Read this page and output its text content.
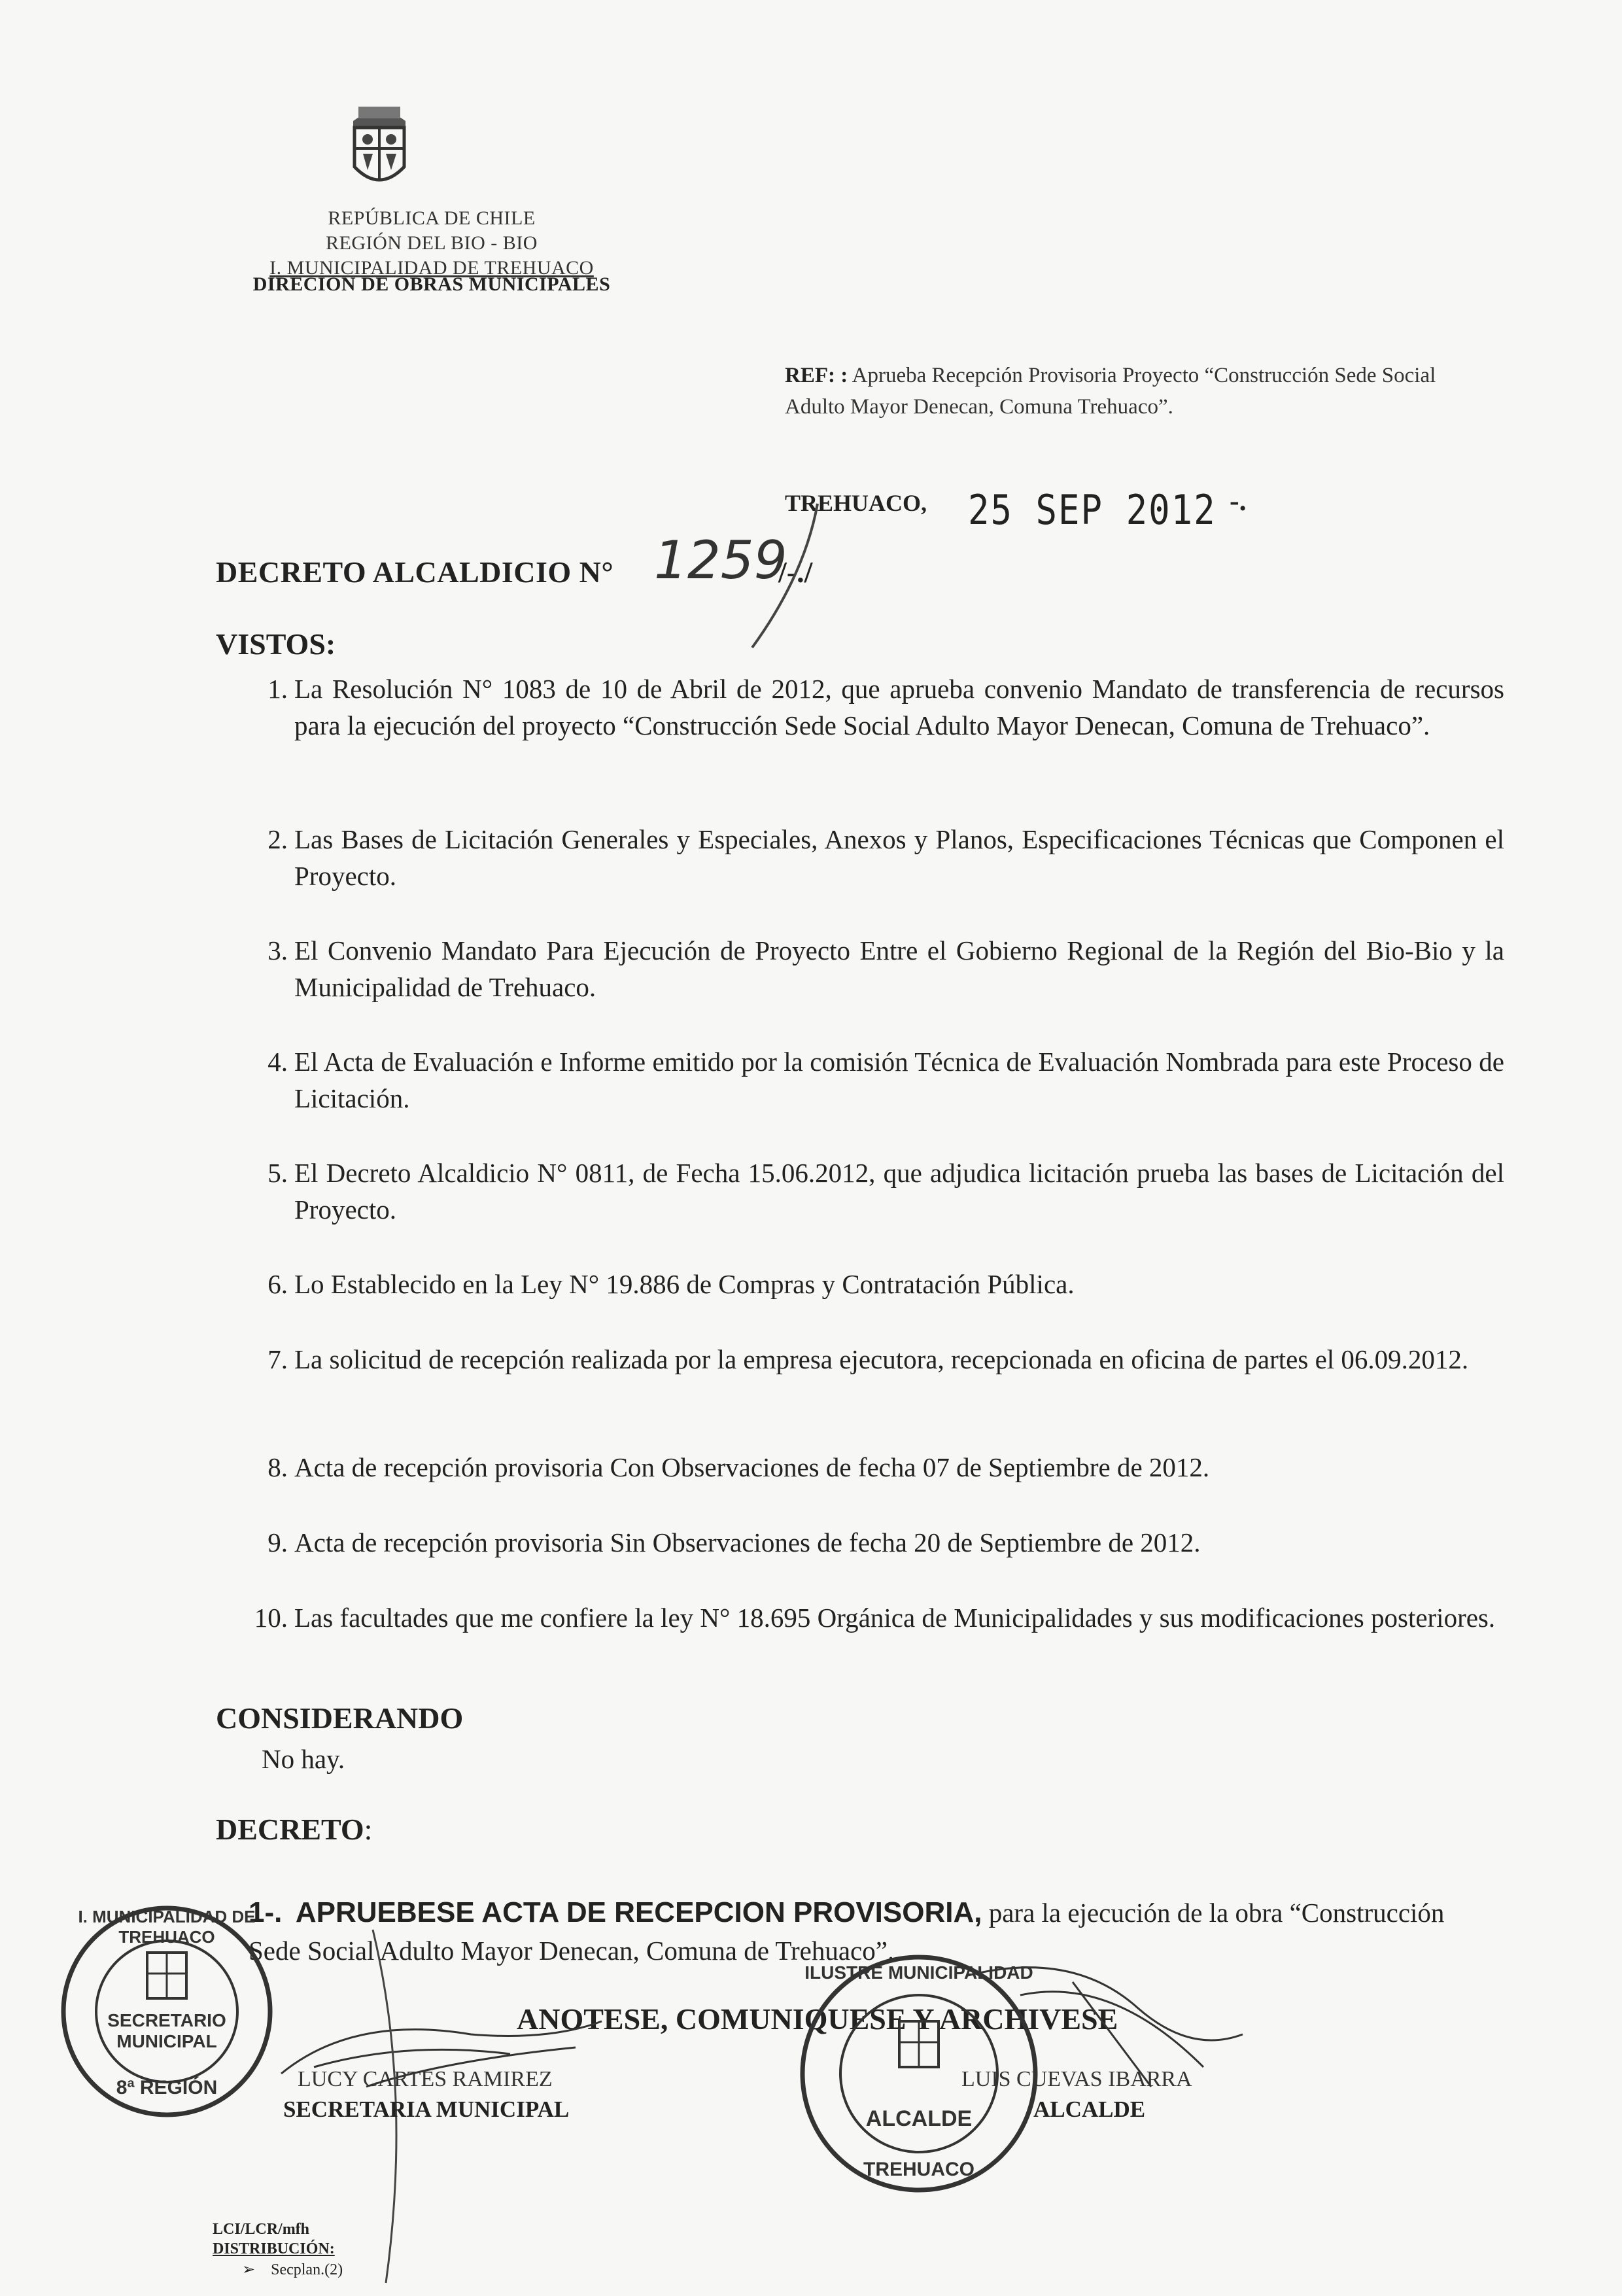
REPÚBLICA DE CHILE
REGIÓN DEL BIO - BIO
I. MUNICIPALIDAD DE TREHUACO
DIRECION DE OBRAS MUNICIPALES
REF: : Aprueba Recepción Provisoria Proyecto “Construcción Sede Social Adulto Mayor Denecan, Comuna Trehuaco”.
TREHUACO, 25 SEP 2012 -.
DECRETO ALCALDICIO N° 1259
/-./
VISTOS:
1. La Resolución N° 1083 de 10 de Abril de 2012, que aprueba convenio Mandato de transferencia de recursos para la ejecución del proyecto “Construcción Sede Social Adulto Mayor Denecan, Comuna de Trehuaco”.
2. Las Bases de Licitación Generales y Especiales, Anexos y Planos, Especificaciones Técnicas que Componen el Proyecto.
3. El Convenio Mandato Para Ejecución de Proyecto Entre el Gobierno Regional de la Región del Bio-Bio y la Municipalidad de Trehuaco.
4. El Acta de Evaluación e Informe emitido por la comisión Técnica de Evaluación Nombrada para este Proceso de Licitación.
5. El Decreto Alcaldicio N° 0811, de Fecha 15.06.2012, que adjudica licitación prueba las bases de Licitación del Proyecto.
6. Lo Establecido en la Ley N° 19.886 de Compras y Contratación Pública.
7. La solicitud de recepción realizada por la empresa ejecutora, recepcionada en oficina de partes el 06.09.2012.
8. Acta de recepción provisoria Con Observaciones de fecha 07 de Septiembre de 2012.
9. Acta de recepción provisoria Sin Observaciones de fecha 20 de Septiembre de 2012.
10. Las facultades que me confiere la ley N° 18.695 Orgánica de Municipalidades y sus modificaciones posteriores.
CONSIDERANDO
No hay.
DECRETO:
1-. APRUEBESE ACTA DE RECEPCION PROVISORIA, para la ejecución de la obra “Construcción Sede Social Adulto Mayor Denecan, Comuna de Trehuaco”.
ANOTESE, COMUNIQUESE Y ARCHIVESE
I. MUNICIPALIDAD DE TREHUACO
SECRETARIO
MUNICIPAL
8ª REGIÓN
ILUSTRE MUNICIPALIDAD
ALCALDE
TREHUACO
LUCY CARTES RAMIREZ
SECRETARIA MUNICIPAL
LUIS CUEVAS IBARRA
ALCALDE
LCI/LCR/mfh
DISTRIBUCIÓN:
➢ Secplan.(2)
